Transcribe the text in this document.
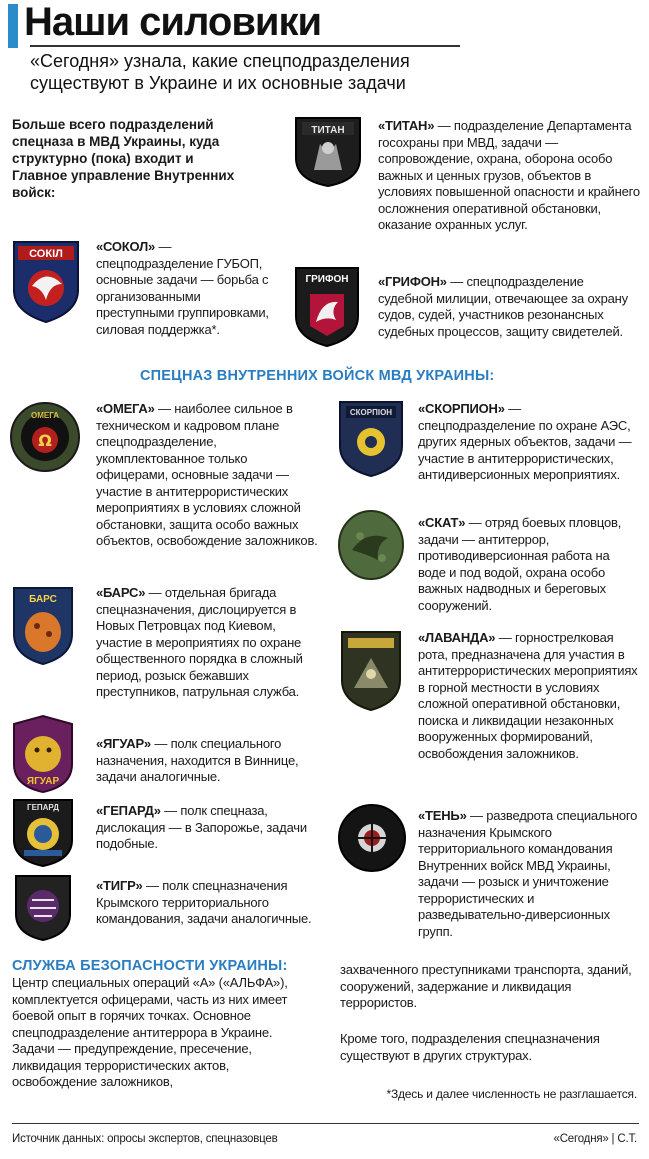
Наши силовики
«Сегодня» узнала, какие спецподразделения
существуют в Украине и их основные задачи
Больше всего подразделений спецназа в МВД Украины, куда структурно (пока) входит и Главное управление Внутренних войск:
СОКІЛ	«СОКОЛ» — спецподразделение ГУБОП, основные задачи — борьба с организованными преступными группировками, силовая поддержка*.
ТИТАН	«ТИТАН» — подразделение Департамента госохраны при МВД, задачи — сопровождение, охрана, оборона особо важных и ценных грузов, объектов в условиях повышенной опасности и крайнего осложнения оперативной обстановки, оказание охранных услуг.
ГРИФОН «ГРИФОН» — спецподразделение судебной милиции, отвечающее за охрану судов, судей, участников резонансных судебных процессов, защиту свидетелей.
СПЕЦНАЗ ВНУТРЕННИХ ВОЙСК МВД УКРАИНЫ:
ОМЕГА
Ω
«ОМЕГА» — наиболее сильное в техническом и кадровом плане спецподразделение, укомплектованное только офицерами, основные задачи — участие в антитеррористических мероприятиях в условиях сложной обстановки, защита особо важных объектов, освобождение заложников.
БАРС	«БАРС» — отдельная бригада спецназначения, дислоцируется в Новых Петровцах под Киевом, участие в мероприятиях по охране общественного порядка в сложный период, розыск бежавших преступников, патрульная служба.
ЯГУАР
«ЯГУАР» — полк специального назначения, находится в Виннице, задачи аналогичные.
ГЕПАРД	«ГЕПАРД» — полк спецназа, дислокация — в Запорожье, задачи подобные.
«ТИГР» — полк спецназначения Крымского территориального командования, задачи аналогичные.
СКОРПІОН «СКОРПИОН» — спецподразделение по охране АЭС, других ядерных объектов, задачи — участие в антитеррористических, антидиверсионных мероприятиях.
«СКАТ» — отряд боевых пловцов, задачи — антитеррор, противодиверсионная работа на воде и под водой, охрана особо важных надводных и береговых сооружений.
«ЛАВАНДА» — горнострелковая рота, предназначена для участия в антитеррористических мероприятиях в горной местности в условиях сложной оперативной обстановки, поиска и ликвидации незаконных вооруженных формирований, освобождения заложников.
«ТЕНЬ» — разведрота специального назначения Крымского территориального командования Внутренних войск МВД Украины, задачи — розыск и уничтожение террористических и разведывательно-диверсионных групп.
СЛУЖБА БЕЗОПАСНОСТИ УКРАИНЫ:
Центр специальных операций «А» («АЛЬФА»), комплектуется офицерами, часть из них имеет боевой опыт в горячих точках. Основное спецподразделение антитеррора в Украине. Задачи — предупреждение, пресечение, ликвидация террористических актов, освобождение заложников,
захваченного преступниками транспорта, зданий, сооружений, задержание и ликвидация террористов.
Кроме того, подразделения спецназначения существуют в других структурах.
*Здесь и далее численность не разглашается.
Источник данных: опросы экспертов, спецназовцев	«Сегодня» | С.Т.
